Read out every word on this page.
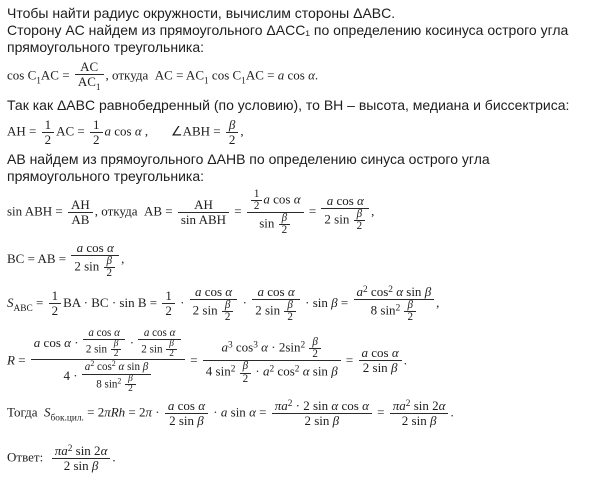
Чтобы найти радиус окружности, вычислим стороны ΔABC.

Сторону AC найдем из прямоугольного ΔACC₁ по определению косинуса острого угла прямоугольного треугольника:

$\cos C_1AC = \frac{AC}{AC_1}$ , откуда  AC = $AC_1$ $\cos C_1AC = a$ cos α.

Так как ΔABC равнобедренный (по условию), то BH – высота, медиана и биссектриса:

AH = $\frac{1}{2}$ AC = $\frac{1}{2}$ a cos α ,       ∠ABH = $\frac{\beta}{2}$ ,

AB найдем из прямоугольного ΔAHB по определению синуса острого угла прямоугольного треугольника:

sin ABH = $\frac{AH}{AB}$ , откуда  AB = $\frac{AH}{\text{sin ABH}} = \frac{\frac{1}{2} a \cos \alpha}{\sin \frac{\beta}{2}} = \frac{\text{a cos α}}{2 \sin \frac{\beta}{2}}$ ,
BC = AB = $\frac{\text{a cos α}}{2 \sin \frac{\beta}{2}}$ ,
$S_{ABC} = \frac{1}{2}$ BA · BC · $\sin B = \frac{1}{2} \cdot \frac{\text{a cos α}}{2 \sin \frac{\beta}{2}} \cdot \frac{\text{a cos α}}{2 \sin \frac{\beta}{2}} \cdot \sin \beta = \frac{a^2 \cos^2 \alpha \sin \beta}{8 \sin^2 \frac{\beta}{2}}$ ,
$R = \frac{a \cos \alpha \cdot \frac{\text{a cos α}}{2 \sin \frac{\beta}{2}} \cdot \frac{\text{a cos α}}{2 \sin \frac{\beta}{2}}}{4 \cdot \frac{a^2 \cos^2 \alpha \sin \beta}{8 \sin^2 \frac{\beta}{2}}} = \frac{a^3 \cos^3 \alpha \cdot 2\sin^2 \frac{\beta}{2}}{4 \sin^2 \frac{\beta}{2} \cdot a^2 \cos^2 \alpha \sin \beta} = \frac{\text{a cos α}}{\text{2 sin β}}$ .
Тогда  $S_{бок.цил.} = 2\pi Rh = 2\pi \cdot \frac{\text{a cos α}}{\text{2 sin β}} \cdot a$ $\sin \alpha = \frac{\pi a^2 \cdot 2 \sin \alpha \cos \alpha}{\text{2 sin β}} = \frac{\pi a^2 \sin 2\alpha}{\text{2 sin β}}$ .
Ответ: $\frac{\pi a^2 \sin 2\alpha}{\text{2 sin β}}$ .
